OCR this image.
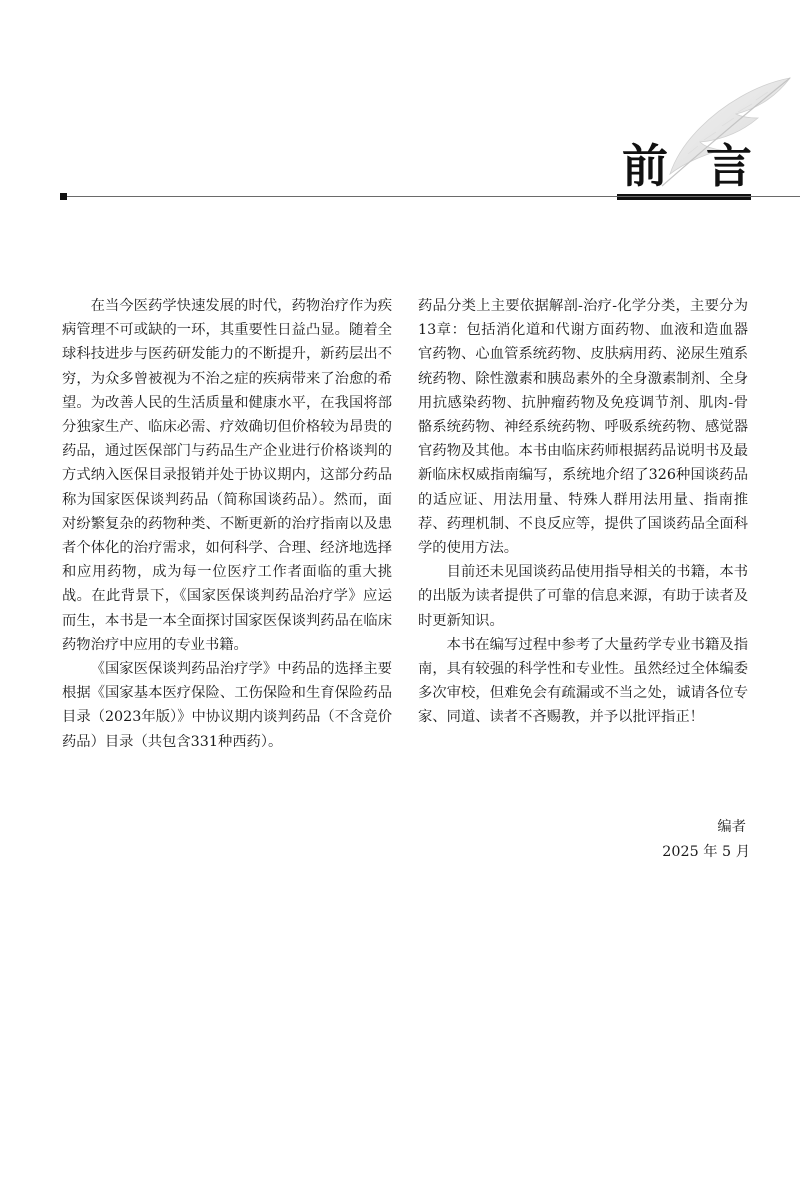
前 言

在当今医药学快速发展的时代，药物治疗作为疾病管理不可或缺的一环，其重要性日益凸显。随着全球科技进步与医药研发能力的不断提升，新药层出不穷，为众多曾被视为不治之症的疾病带来了治愈的希望。为改善人民的生活质量和健康水平，在我国将部分独家生产、临床必需、疗效确切但价格较为昂贵的药品，通过医保部门与药品生产企业进行价格谈判的方式纳入医保目录报销并处于协议期内，这部分药品称为国家医保谈判药品（简称国谈药品）。然而，面对纷繁复杂的药物种类、不断更新的治疗指南以及患者个体化的治疗需求，如何科学、合理、经济地选择和应用药物，成为每一位医疗工作者面临的重大挑战。在此背景下，《国家医保谈判药品治疗学》应运而生，本书是一本全面探讨国家医保谈判药品在临床药物治疗中应用的专业书籍。

《国家医保谈判药品治疗学》中药品的选择主要根据《国家基本医疗保险、工伤保险和生育保险药品目录（2023年版）》中协议期内谈判药品（不含竞价药品）目录（共包含331种西药）。

药品分类上主要依据解剖-治疗-化学分类，主要分为13章：包括消化道和代谢方面药物、血液和造血器官药物、心血管系统药物、皮肤病用药、泌尿生殖系统药物、除性激素和胰岛素外的全身激素制剂、全身用抗感染药物、抗肿瘤药物及免疫调节剂、肌肉-骨骼系统药物、神经系统药物、呼吸系统药物、感觉器官药物及其他。本书由临床药师根据药品说明书及最新临床权威指南编写，系统地介绍了326种国谈药品的适应证、用法用量、特殊人群用法用量、指南推荐、药理机制、不良反应等，提供了国谈药品全面科学的使用方法。

目前还未见国谈药品使用指导相关的书籍，本书的出版为读者提供了可靠的信息来源，有助于读者及时更新知识。

本书在编写过程中参考了大量药学专业书籍及指南，具有较强的科学性和专业性。虽然经过全体编委多次审校，但难免会有疏漏或不当之处，诚请各位专家、同道、读者不吝赐教，并予以批评指正！

编者
2025 年 5 月
